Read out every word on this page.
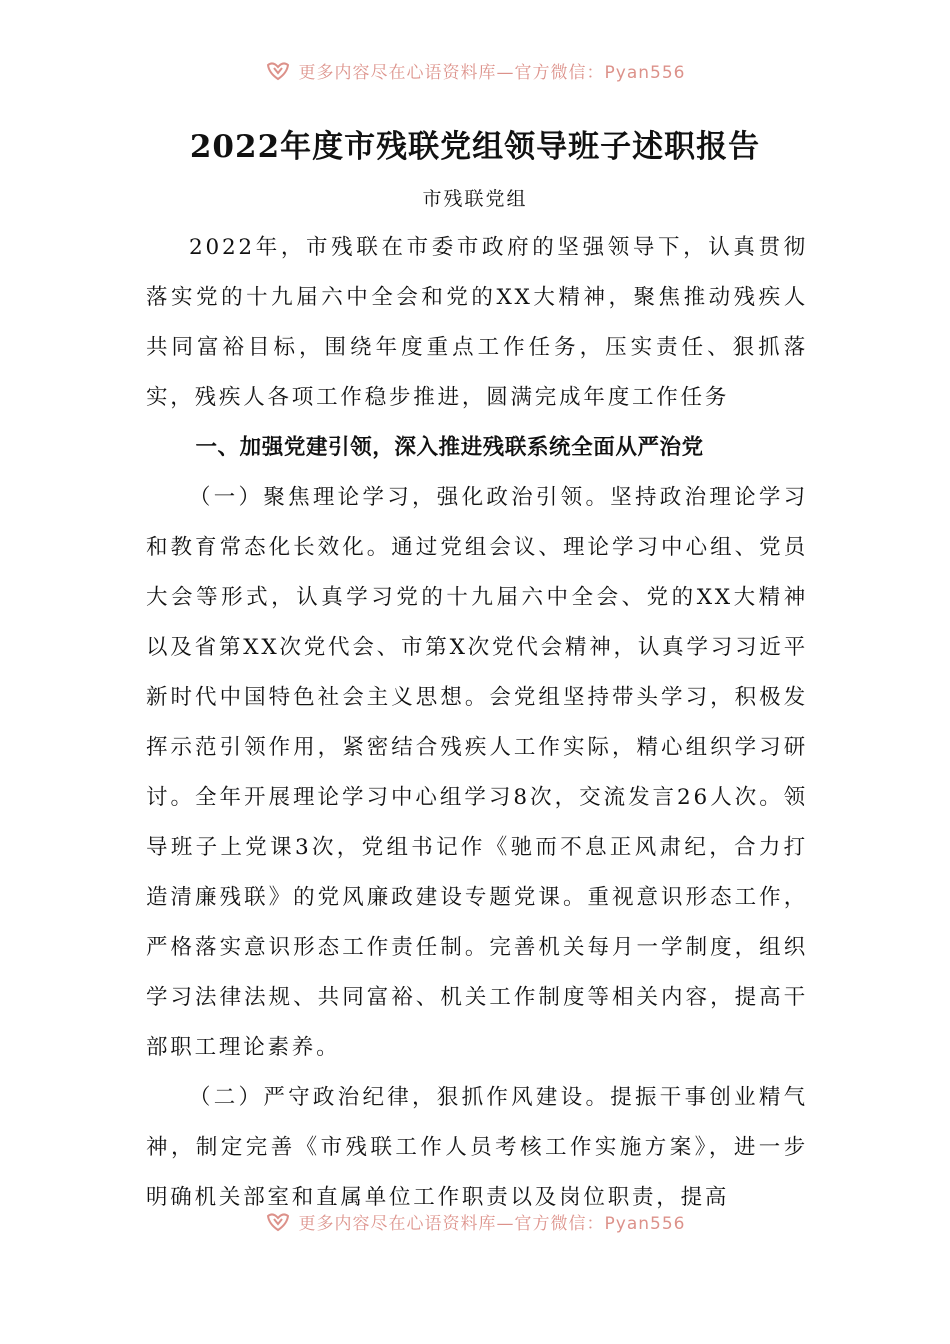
更多内容尽在心语资料库—官方微信：Pyan556
2022年度市残联党组领导班子述职报告

市残联党组

2022年，市残联在市委市政府的坚强领导下，认真贯彻落实党的十九届六中全会和党的XX大精神，聚焦推动残疾人共同富裕目标，围绕年度重点工作任务，压实责任、狠抓落实，残疾人各项工作稳步推进，圆满完成年度工作任务

一、加强党建引领，深入推进残联系统全面从严治党

（一）聚焦理论学习，强化政治引领。坚持政治理论学习和教育常态化长效化。通过党组会议、理论学习中心组、党员大会等形式，认真学习党的十九届六中全会、党的XX大精神以及省第XX次党代会、市第X次党代会精神，认真学习习近平新时代中国特色社会主义思想。会党组坚持带头学习，积极发挥示范引领作用，紧密结合残疾人工作实际，精心组织学习研讨。全年开展理论学习中心组学习8次，交流发言26人次。领导班子上党课3次，党组书记作《驰而不息正风肃纪，合力打造清廉残联》的党风廉政建设专题党课。重视意识形态工作，严格落实意识形态工作责任制。完善机关每月一学制度，组织学习法律法规、共同富裕、机关工作制度等相关内容，提高干部职工理论素养。

（二）严守政治纪律，狠抓作风建设。提振干事创业精气神，制定完善《市残联工作人员考核工作实施方案》，进一步明确机关部室和直属单位工作职责以及岗位职责，提高

更多内容尽在心语资料库—官方微信：Pyan556
